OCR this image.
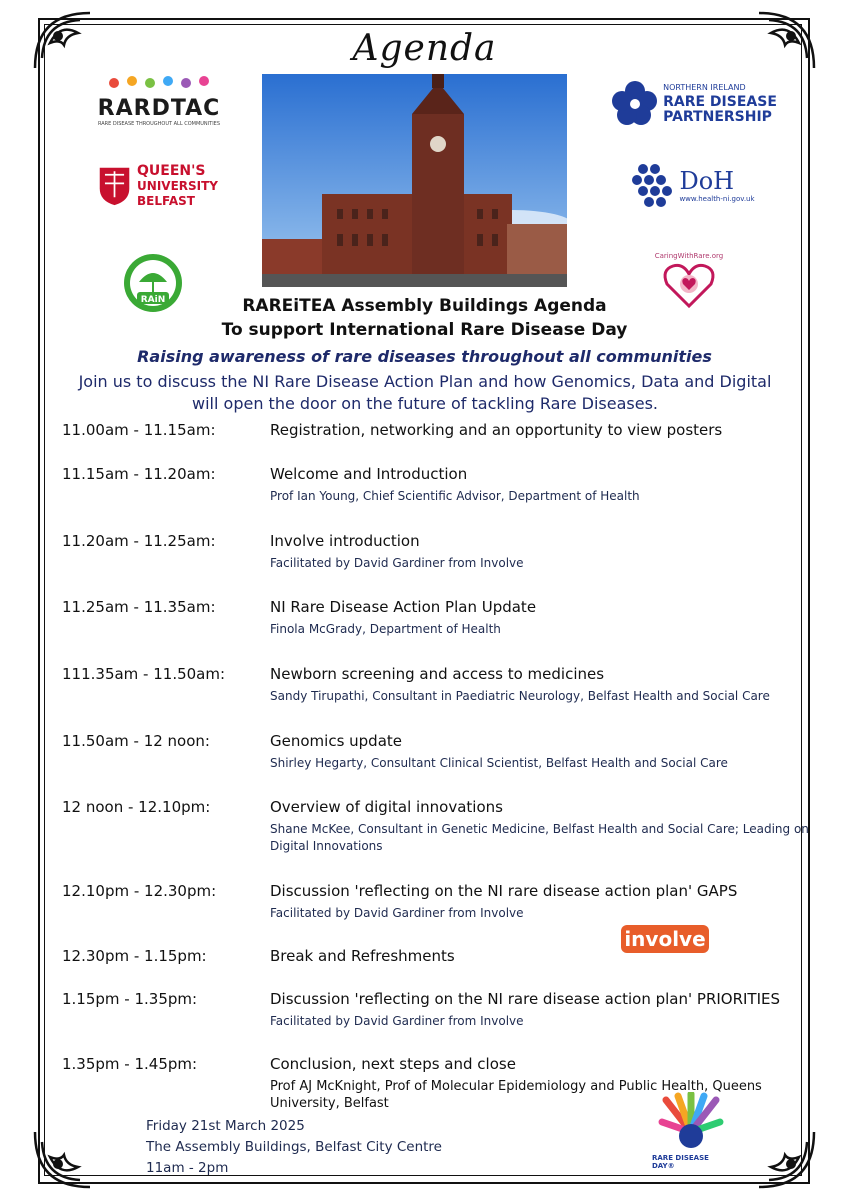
Agenda
RARDTAC
RARE DISEASE THROUGHOUT ALL COMMUNITIES
QUEEN'S
UNIVERSITY
BELFAST
RAiN
NORTHERN IRELAND
RARE DISEASE
PARTNERSHIP
DoH
www.health-ni.gov.uk
CaringWithRare.org
RAREiTEA Assembly Buildings Agenda
To support International Rare Disease Day
Raising awareness of rare diseases throughout all communities
Join us to discuss the NI Rare Disease Action Plan and how Genomics, Data and Digital
will open the door on the future of tackling Rare Diseases.
11.00am - 11.15am:	Registration, networking and an opportunity to view posters
11.15am - 11.20am:	Welcome and Introduction
Prof Ian Young, Chief Scientific Advisor, Department of Health
11.20am - 11.25am:	Involve introduction
Facilitated by David Gardiner from Involve
11.25am - 11.35am:	NI Rare Disease Action Plan Update
Finola McGrady, Department of Health
111.35am - 11.50am:	Newborn screening and access to medicines
Sandy Tirupathi, Consultant in Paediatric Neurology, Belfast Health and Social Care
11.50am - 12 noon:	Genomics update
Shirley Hegarty, Consultant Clinical Scientist, Belfast Health and Social Care
12 noon - 12.10pm:	Overview of digital innovations
Shane McKee, Consultant in Genetic Medicine, Belfast Health and Social Care; Leading on Digital Innovations
12.10pm - 12.30pm:	Discussion 'reflecting on the NI rare disease action plan' GAPS
Facilitated by David Gardiner from Involve
12.30pm - 1.15pm:	Break and Refreshments
1.15pm - 1.35pm:	Discussion 'reflecting on the NI rare disease action plan' PRIORITIES
Facilitated by David Gardiner from Involve
1.35pm - 1.45pm:	Conclusion, next steps and close
Prof AJ McKnight, Prof of Molecular Epidemiology and Public Health, Queens University, Belfast
involve
Friday 21st March 2025
The Assembly Buildings, Belfast City Centre
11am - 2pm
RARE DISEASE DAY®
